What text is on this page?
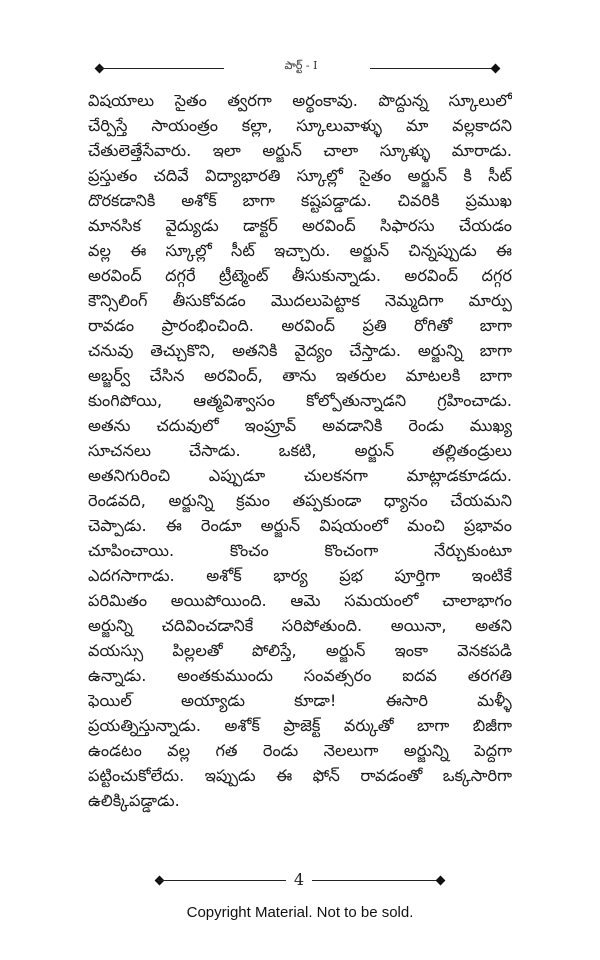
పార్ట్ - I
విషయాలు సైతం త్వరగా అర్థంకావు. పొద్దున్న స్కూలులో
చేర్పిస్తే సాయంత్రం కల్లా, స్కూలువాళ్ళు మా వల్లకాదని
చేతులెత్తేసేవారు. ఇలా అర్జున్ చాలా స్కూళ్ళు మారాడు.
ప్రస్తుతం చదివే విద్యాభారతి స్కూల్లో సైతం అర్జున్ కి సీట్
దొరకడానికి అశోక్ బాగా కష్టపడ్డాడు. చివరికి ప్రముఖ
మానసిక వైద్యుడు డాక్టర్ అరవింద్ సిఫారసు చేయడం
వల్ల ఈ స్కూల్లో సీట్ ఇచ్చారు. అర్జున్ చిన్నప్పుడు ఈ
అరవింద్ దగ్గరే ట్రీట్మెంట్ తీసుకున్నాడు. అరవింద్ దగ్గర
కౌన్సిలింగ్ తీసుకోవడం మొదలుపెట్టాక నెమ్మదిగా మార్పు
రావడం ప్రారంభించింది. అరవింద్ ప్రతి రోగితో బాగా
చనువు తెచ్చుకొని, అతనికి వైద్యం చేస్తాడు. అర్జున్ని బాగా
అబ్జర్వ్ చేసిన అరవింద్, తాను ఇతరుల మాటలకి బాగా
కుంగిపోయి, ఆత్మవిశ్వాసం కోల్పోతున్నాడని గ్రహించాడు.
అతను చదువులో ఇంప్రూవ్ అవడానికి రెండు ముఖ్య
సూచనలు చేసాడు. ఒకటి, అర్జున్ తల్లితండ్రులు
అతనిగురించి ఎప్పుడూ చులకనగా మాట్లాడకూడదు.
రెండవది, అర్జున్ని క్రమం తప్పకుండా ధ్యానం చేయమని
చెప్పాడు. ఈ రెండూ అర్జున్ విషయంలో మంచి ప్రభావం
చూపించాయి. కొంచం కొంచంగా నేర్చుకుంటూ
ఎదగసాగాడు. అశోక్ భార్య ప్రభ పూర్తిగా ఇంటికే
పరిమితం అయిపోయింది. ఆమె సమయంలో చాలాభాగం
అర్జున్ని చదివించడానికే సరిపోతుంది. అయినా, అతని
వయస్సు పిల్లలతో పోలిస్తే, అర్జున్ ఇంకా వెనకపడి
ఉన్నాడు. అంతకుముందు సంవత్సరం ఐదవ తరగతి
ఫెయిల్ అయ్యాడు కూడా! ఈసారి మళ్ళీ
ప్రయత్నిస్తున్నాడు. అశోక్ ప్రాజెక్ట్ వర్కుతో బాగా బిజీగా
ఉండటం వల్ల గత రెండు నెలలుగా అర్జున్ని పెద్దగా
పట్టించుకోలేదు. ఇప్పుడు ఈ ఫోన్ రావడంతో ఒక్కసారిగా
ఉలిక్కిపడ్డాడు.
4
Copyright Material. Not to be sold.
